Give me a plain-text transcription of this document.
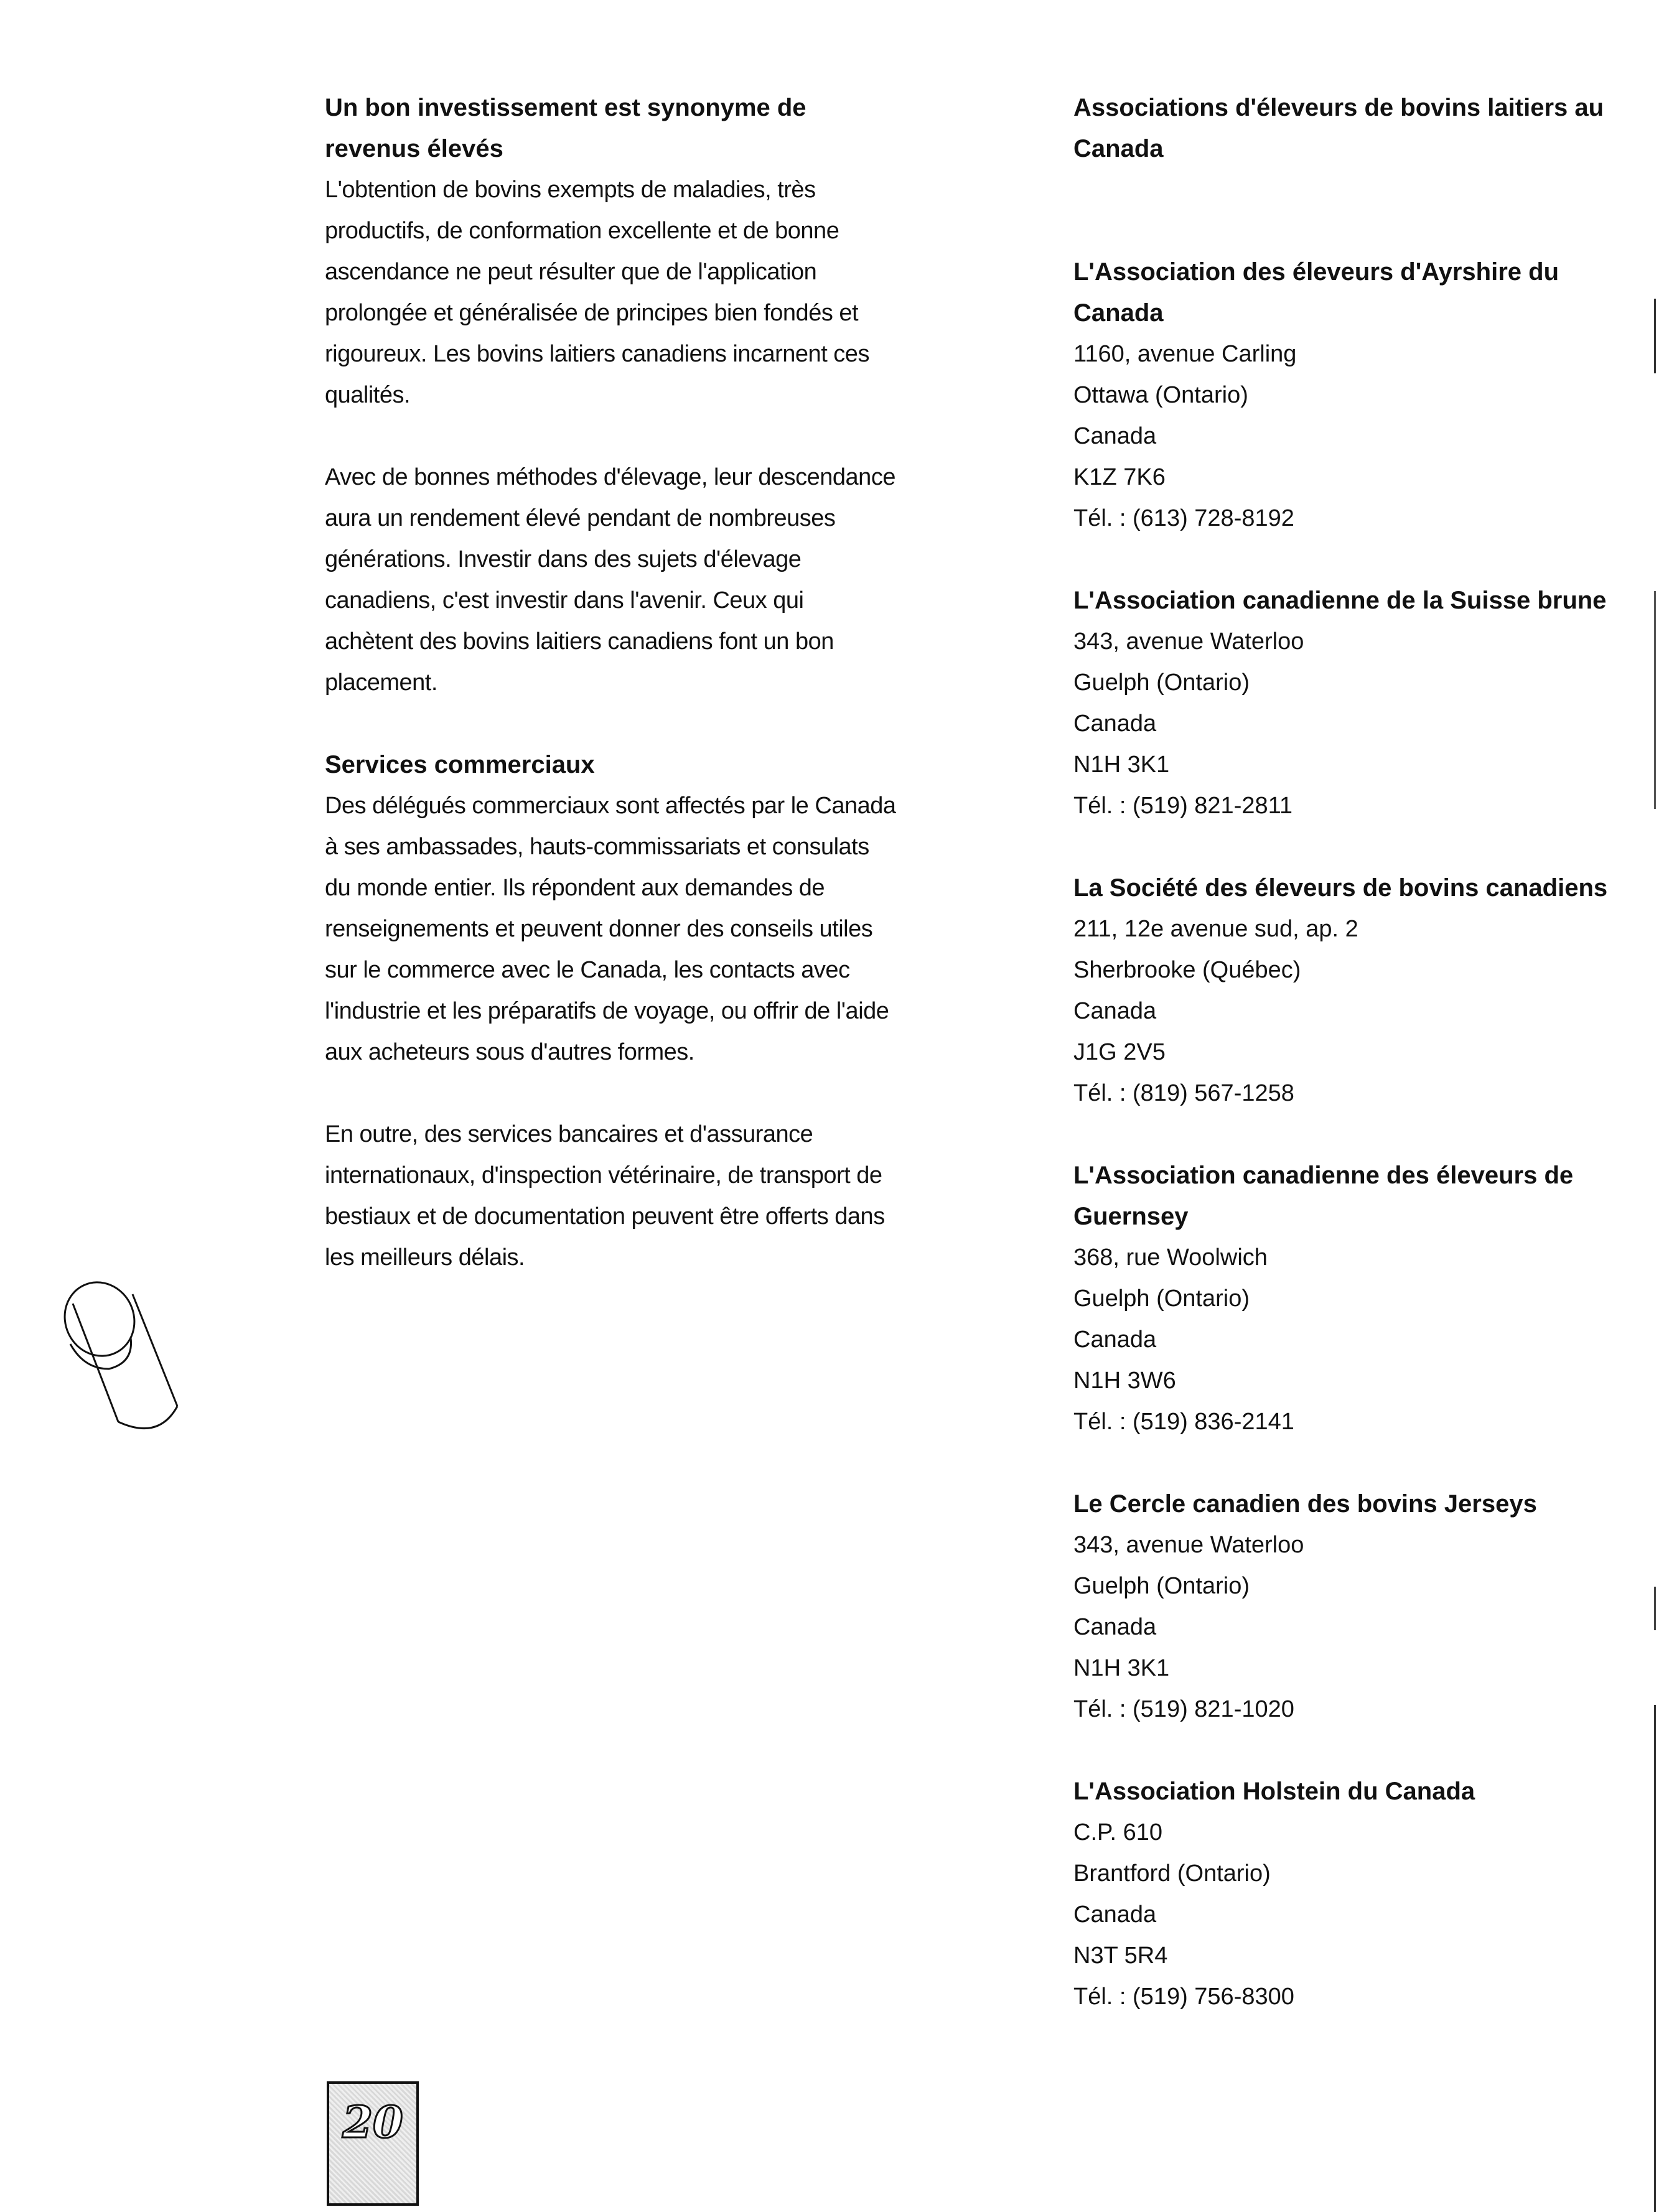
Un bon investissement est synonyme de revenus élevés

L'obtention de bovins exempts de maladies, très productifs, de conformation excellente et de bonne ascendance ne peut résulter que de l'application prolongée et généralisée de principes bien fondés et rigoureux. Les bovins laitiers canadiens incarnent ces qualités.

Avec de bonnes méthodes d'élevage, leur descendance aura un rendement élevé pendant de nombreuses générations. Investir dans des sujets d'élevage canadiens, c'est investir dans l'avenir. Ceux qui achètent des bovins laitiers canadiens font un bon placement.

Services commerciaux

Des délégués commerciaux sont affectés par le Canada à ses ambassades, hauts-commissariats et consulats du monde entier. Ils répondent aux demandes de renseignements et peuvent donner des conseils utiles sur le commerce avec le Canada, les contacts avec l'industrie et les préparatifs de voyage, ou offrir de l'aide aux acheteurs sous d'autres formes.

En outre, des services bancaires et d'assurance internationaux, d'inspection vétérinaire, de transport de bestiaux et de documentation peuvent être offerts dans les meilleurs délais.

Associations d'éleveurs de bovins laitiers au Canada

L'Association des éleveurs d'Ayrshire du Canada

1160, avenue Carling

Ottawa (Ontario)

Canada

K1Z 7K6

Tél. : (613) 728-8192

L'Association canadienne de la Suisse brune

343, avenue Waterloo

Guelph (Ontario)

Canada

N1H 3K1

Tél. : (519) 821-2811

La Société des éleveurs de bovins canadiens

211, 12e avenue sud, ap. 2

Sherbrooke (Québec)

Canada

J1G 2V5

Tél. : (819) 567-1258

L'Association canadienne des éleveurs de Guernsey

368, rue Woolwich

Guelph (Ontario)

Canada

N1H 3W6

Tél. : (519) 836-2141

Le Cercle canadien des bovins Jerseys

343, avenue Waterloo

Guelph (Ontario)

Canada

N1H 3K1

Tél. : (519) 821-1020

L'Association Holstein du Canada

C.P. 610

Brantford (Ontario)

Canada

N3T 5R4

Tél. : (519) 756-8300

20
